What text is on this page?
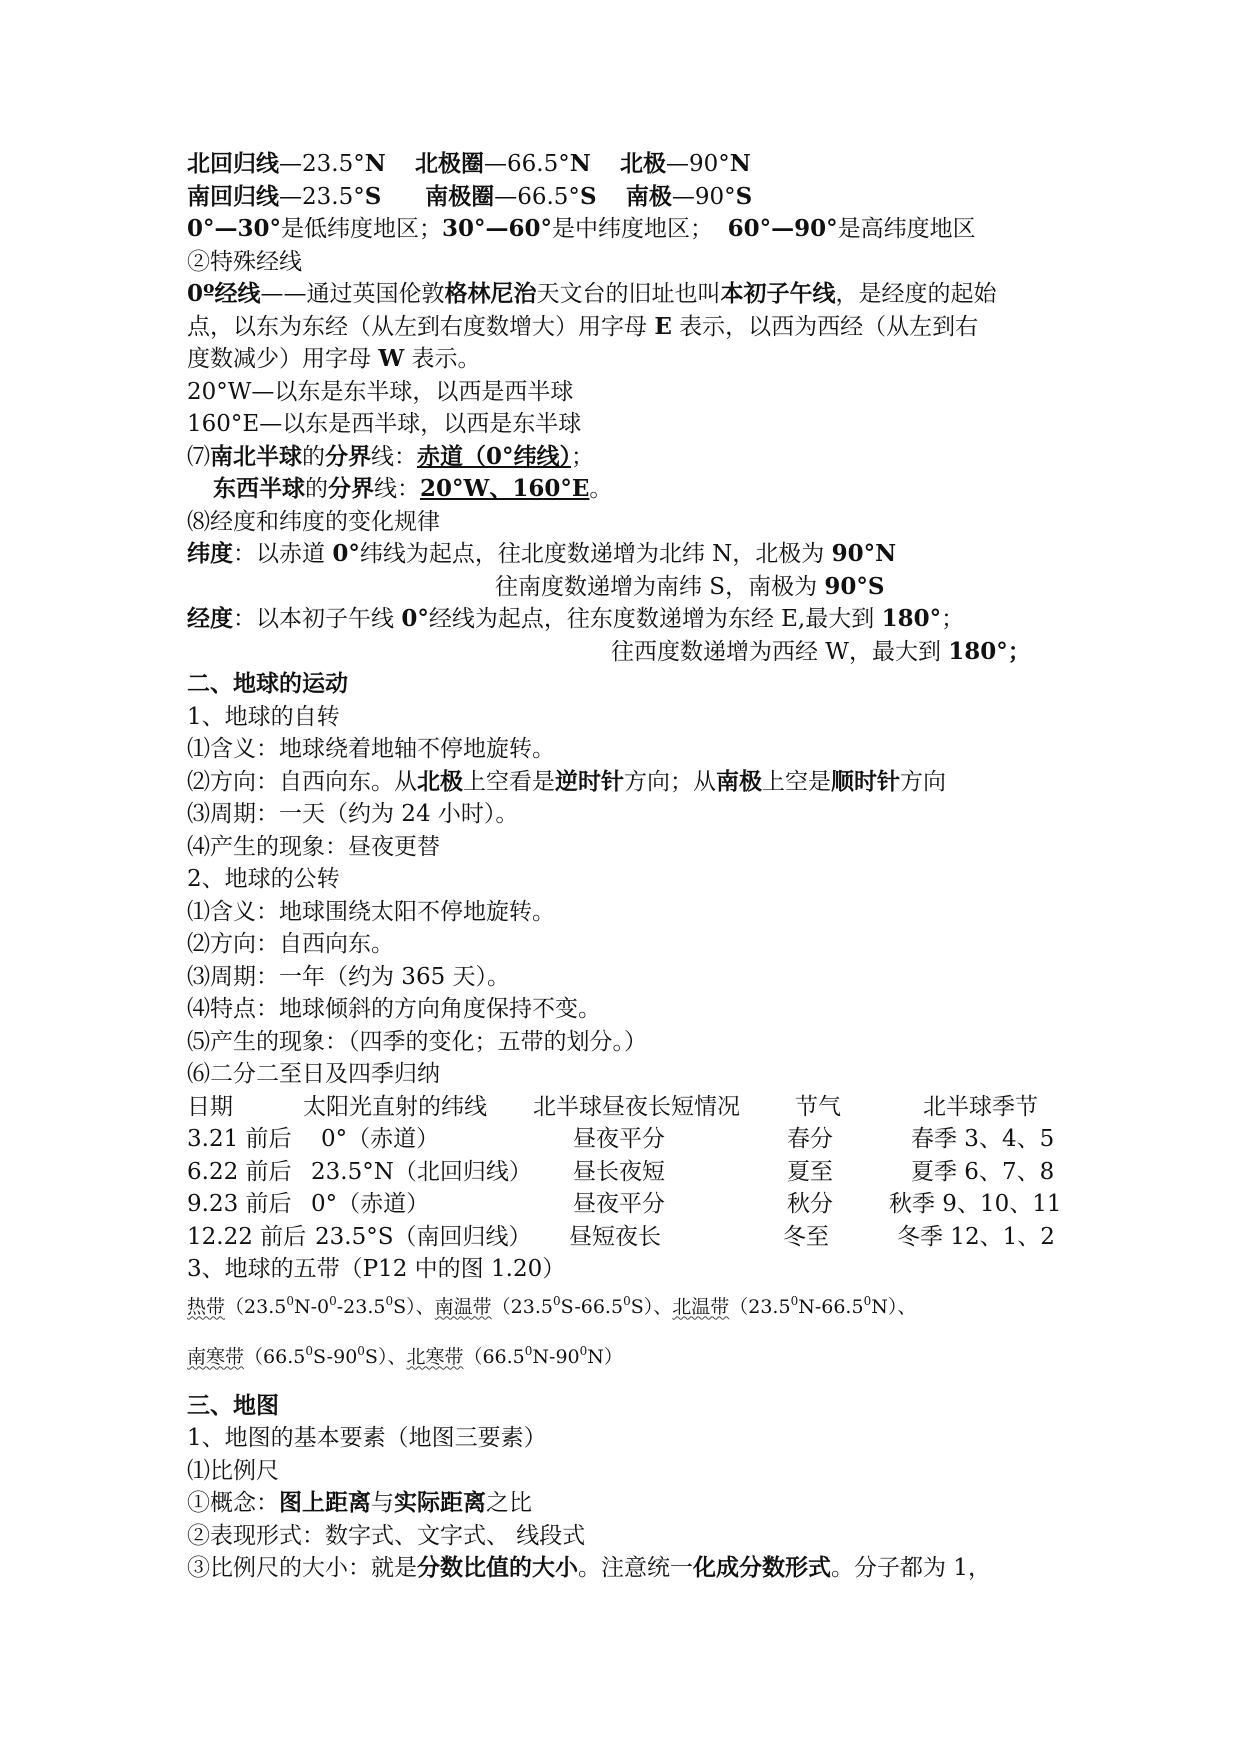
北回归线—23.5°N 北极圈—66.5°N 北极—90°N
南回归线—23.5°S 南极圈—66.5°S 南极—90°S
0°—30°是低纬度地区；30°—60°是中纬度地区； 60°—90°是高纬度地区
②特殊经线
0º经线——通过英国伦敦格林尼治天文台的旧址也叫本初子午线，是经度的起始
点，以东为东经（从左到右度数增大）用字母 E 表示，以西为西经（从左到右
度数减少）用字母 W 表示。
20°W—以东是东半球，以西是西半球
160°E—以东是西半球，以西是东半球
⑺南北半球的分界线：赤道（0°纬线）；
东西半球的分界线：20°W、160°E。
⑻经度和纬度的变化规律
纬度：以赤道 0°纬线为起点，往北度数递增为北纬 N，北极为 90°N
往南度数递增为南纬 S，南极为 90°S
经度：以本初子午线 0°经线为起点，往东度数递增为东经 E,最大到 180°；
往西度数递增为西经 W，最大到 180°；
二、地球的运动
1、地球的自转
⑴含义：地球绕着地轴不停地旋转。
⑵方向：自西向东。从北极上空看是逆时针方向；从南极上空是顺时针方向
⑶周期：一天（约为 24 小时）。
⑷产生的现象：昼夜更替
2、地球的公转
⑴含义：地球围绕太阳不停地旋转。
⑵方向：自西向东。
⑶周期：一年（约为 365 天）。
⑷特点：地球倾斜的方向角度保持不变。
⑸产生的现象：（四季的变化；五带的划分。）
⑹二分二至日及四季归纳
日期	太阳光直射的纬线 北半球昼夜长短情况 节气	北半球季节
3.21 前后 0°（赤道）	昼夜平分	春分	春季 3、4、5
6.22 前后 23.5°N（北回归线） 昼长夜短	夏至	夏季 6、7、8
9.23 前后 0°（赤道）	昼夜平分	秋分 秋季 9、10、11
12.22 前后 23.5°S（南回归线） 昼短夜长	冬至	冬季 12、1、2
3、地球的五带（P12 中的图 1.20）
热带$(23.5^0N-0^0-23.5^0S)$、南温带（23.5$^0$S-66.5$^0$S）、北温带（23.5$^0$N-66.5$^0$N）、
南寒带$(66.5^0S-90^0S)$、北寒带$(66.5^0N-90^0N)$
三、地图
1、地图的基本要素（地图三要素）
⑴比例尺
①概念：图上距离与实际距离之比
②表现形式：数字式、文字式、 线段式
③比例尺的大小：就是分数比值的大小。注意统一化成分数形式。分子都为 1，
